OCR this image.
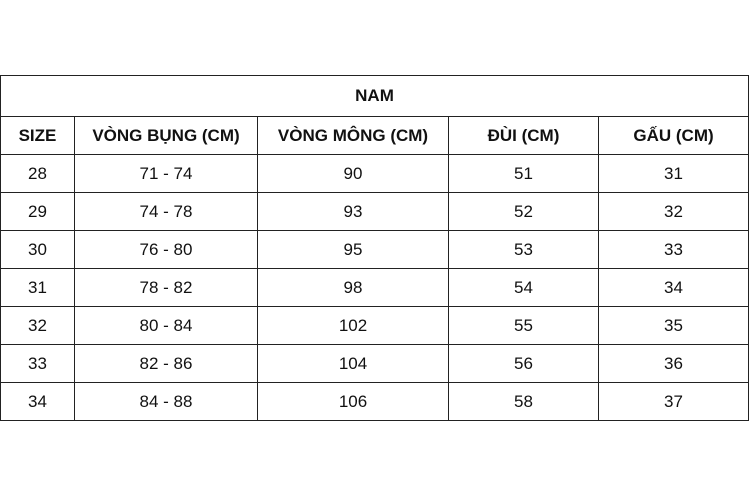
NAM				
SIZE	VÒNG BỤNG (CM)	VÒNG MÔNG (CM)	ĐÙI (CM)	GẤU (CM)
28	71 - 74	90	51	31
29	74 - 78	93	52	32
30	76 - 80	95	53	33
31	78 - 82	98	54	34
32	80 - 84	102	55	35
33	82 - 86	104	56	36
34	84 - 88	106	58	37
